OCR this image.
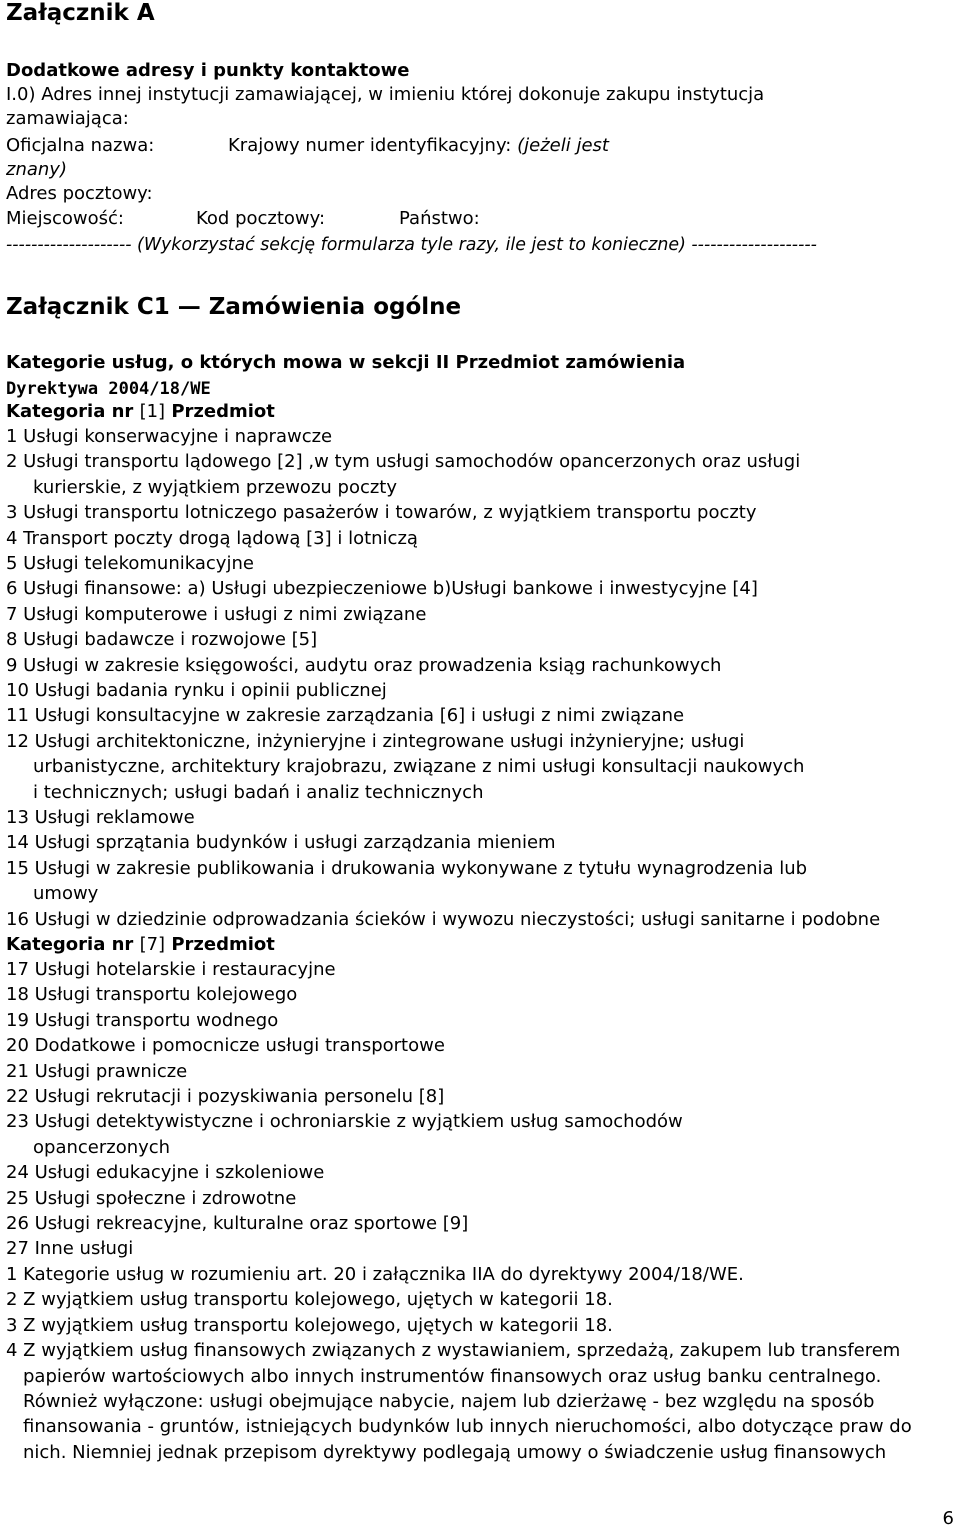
Załącznik A
Dodatkowe adresy i punkty kontaktowe
I.0) Adres innej instytucji zamawiającej, w imieniu której dokonuje zakupu instytucja
zamawiająca:
Oficjalna nazwa:	Krajowy numer identyfikacyjny: (jeżeli jest
znany)
Adres pocztowy:
Miejscowość:	Kod pocztowy:	Państwo:
-------------------- (Wykorzystać sekcję formularza tyle razy, ile jest to konieczne) --------------------
Załącznik C1 — Zamówienia ogólne
Kategorie usług, o których mowa w sekcji II Przedmiot zamówienia
Dyrektywa 2004/18/WE
Kategoria nr [1] Przedmiot
1 Usługi konserwacyjne i naprawcze
2 Usługi transportu lądowego [2] ,w tym usługi samochodów opancerzonych oraz usługi
kurierskie, z wyjątkiem przewozu poczty
3 Usługi transportu lotniczego pasażerów i towarów, z wyjątkiem transportu poczty
4 Transport poczty drogą lądową [3] i lotniczą
5 Usługi telekomunikacyjne
6 Usługi finansowe: a) Usługi ubezpieczeniowe b)Usługi bankowe i inwestycyjne [4]
7 Usługi komputerowe i usługi z nimi związane
8 Usługi badawcze i rozwojowe [5]
9 Usługi w zakresie księgowości, audytu oraz prowadzenia ksiąg rachunkowych
10 Usługi badania rynku i opinii publicznej
11 Usługi konsultacyjne w zakresie zarządzania [6] i usługi z nimi związane
12 Usługi architektoniczne, inżynieryjne i zintegrowane usługi inżynieryjne; usługi
urbanistyczne, architektury krajobrazu, związane z nimi usługi konsultacji naukowych
i technicznych; usługi badań i analiz technicznych
13 Usługi reklamowe
14 Usługi sprzątania budynków i usługi zarządzania mieniem
15 Usługi w zakresie publikowania i drukowania wykonywane z tytułu wynagrodzenia lub
umowy
16 Usługi w dziedzinie odprowadzania ścieków i wywozu nieczystości; usługi sanitarne i podobne
Kategoria nr [7] Przedmiot
17 Usługi hotelarskie i restauracyjne
18 Usługi transportu kolejowego
19 Usługi transportu wodnego
20 Dodatkowe i pomocnicze usługi transportowe
21 Usługi prawnicze
22 Usługi rekrutacji i pozyskiwania personelu [8]
23 Usługi detektywistyczne i ochroniarskie z wyjątkiem usług samochodów
opancerzonych
24 Usługi edukacyjne i szkoleniowe
25 Usługi społeczne i zdrowotne
26 Usługi rekreacyjne, kulturalne oraz sportowe [9]
27 Inne usługi
1 Kategorie usług w rozumieniu art. 20 i załącznika IIA do dyrektywy 2004/18/WE.
2 Z wyjątkiem usług transportu kolejowego, ujętych w kategorii 18.
3 Z wyjątkiem usług transportu kolejowego, ujętych w kategorii 18.
4 Z wyjątkiem usług finansowych związanych z wystawianiem, sprzedażą, zakupem lub transferem
papierów wartościowych albo innych instrumentów finansowych oraz usług banku centralnego.
Również wyłączone: usługi obejmujące nabycie, najem lub dzierżawę - bez względu na sposób
finansowania - gruntów, istniejących budynków lub innych nieruchomości, albo dotyczące praw do
nich. Niemniej jednak przepisom dyrektywy podlegają umowy o świadczenie usług finansowych
6
